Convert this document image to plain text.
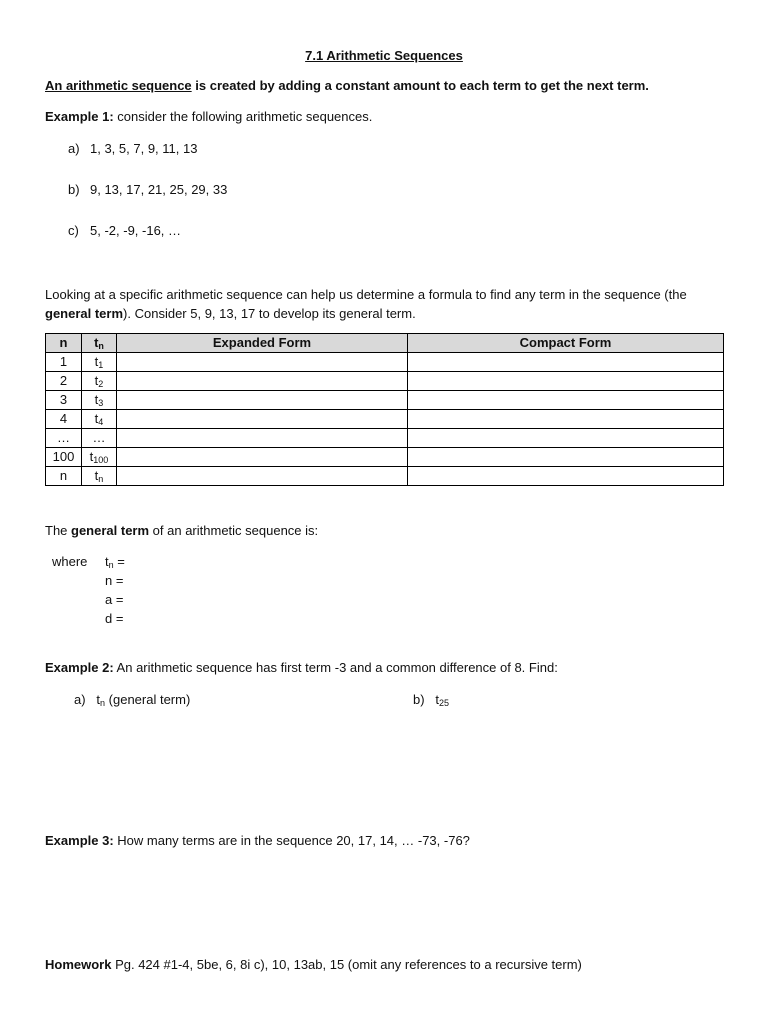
7.1 Arithmetic Sequences
An arithmetic sequence is created by adding a constant amount to each term to get the next term.
Example 1: consider the following arithmetic sequences.
a) 1, 3, 5, 7, 9, 11, 13
b) 9, 13, 17, 21, 25, 29, 33
c) 5, -2, -9, -16, …
Looking at a specific arithmetic sequence can help us determine a formula to find any term in the sequence (the general term). Consider 5, 9, 13, 17 to develop its general term.
n	$t_n$	Expanded Form	Compact Form
1	$t_1$		
2	$t_2$		
3	$t_3$		
4	$t_4$		
…	…		
100	$t_{100}$		
n	$t_n$		
The general term of an arithmetic sequence is:
where $t_n$ =
n =
a =
d =
Example 2: An arithmetic sequence has first term -3 and a common difference of 8. Find:
a) $t_n$ (general term)	b) $t_{25}$
Example 3: How many terms are in the sequence 20, 17, 14, … -73, -76?
Homework Pg. 424 #1-4, 5be, 6, 8i c), 10, 13ab, 15 (omit any references to a recursive term)
